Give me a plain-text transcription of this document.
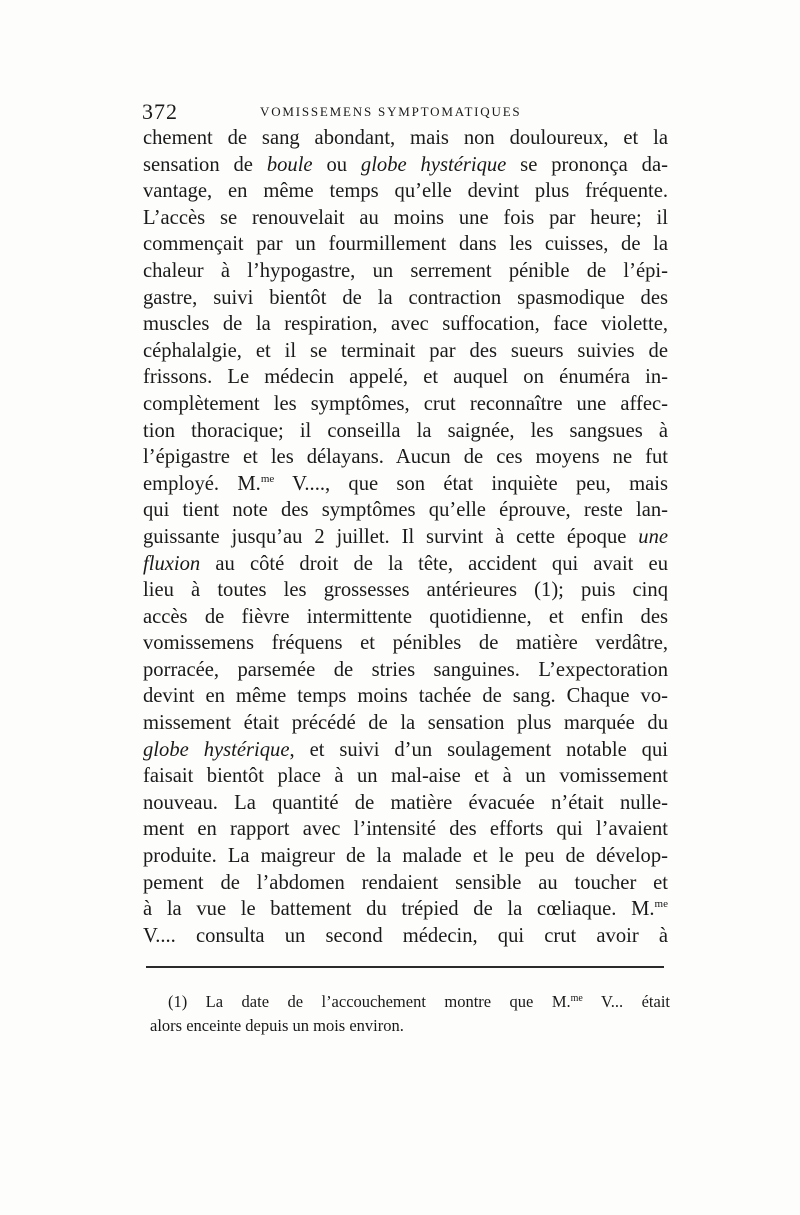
372	VOMISSEMENS SYMPTOMATIQUES
chement de sang abondant, mais non douloureux, et la
sensation de boule ou globe hystérique se prononça da-
vantage, en même temps qu’elle devint plus fréquente.
L’accès se renouvelait au moins une fois par heure; il
commençait par un fourmillement dans les cuisses, de la
chaleur à l’hypogastre, un serrement pénible de l’épi-
gastre, suivi bientôt de la contraction spasmodique des
muscles de la respiration, avec suffocation, face violette,
céphalalgie, et il se terminait par des sueurs suivies de
frissons. Le médecin appelé, et auquel on énuméra in-
complètement les symptômes, crut reconnaître une affec-
tion thoracique; il conseilla la saignée, les sangsues à
l’épigastre et les délayans. Aucun de ces moyens ne fut
employé. M.$^{me}$ V...., que son état inquiète peu, mais
qui tient note des symptômes qu’elle éprouve, reste lan-
guissante jusqu’au 2 juillet. Il survint à cette époque une
fluxion au côté droit de la tête, accident qui avait eu
lieu à toutes les grossesses antérieures (1); puis cinq
accès de fièvre intermittente quotidienne, et enfin des
vomissemens fréquens et pénibles de matière verdâtre,
porracée, parsemée de stries sanguines. L’expectoration
devint en même temps moins tachée de sang. Chaque vo-
missement était précédé de la sensation plus marquée du
globe hystérique, et suivi d’un soulagement notable qui
faisait bientôt place à un mal-aise et à un vomissement
nouveau. La quantité de matière évacuée n’était nulle-
ment en rapport avec l’intensité des efforts qui l’avaient
produite. La maigreur de la malade et le peu de dévelop-
pement de l’abdomen rendaient sensible au toucher et
à la vue le battement du trépied de la cœliaque. M.$^{me}$
V.... consulta un second médecin, qui crut avoir à
(1) La date de l’accouchement montre que M.$^{me}$ V... était
alors enceinte depuis un mois environ.
